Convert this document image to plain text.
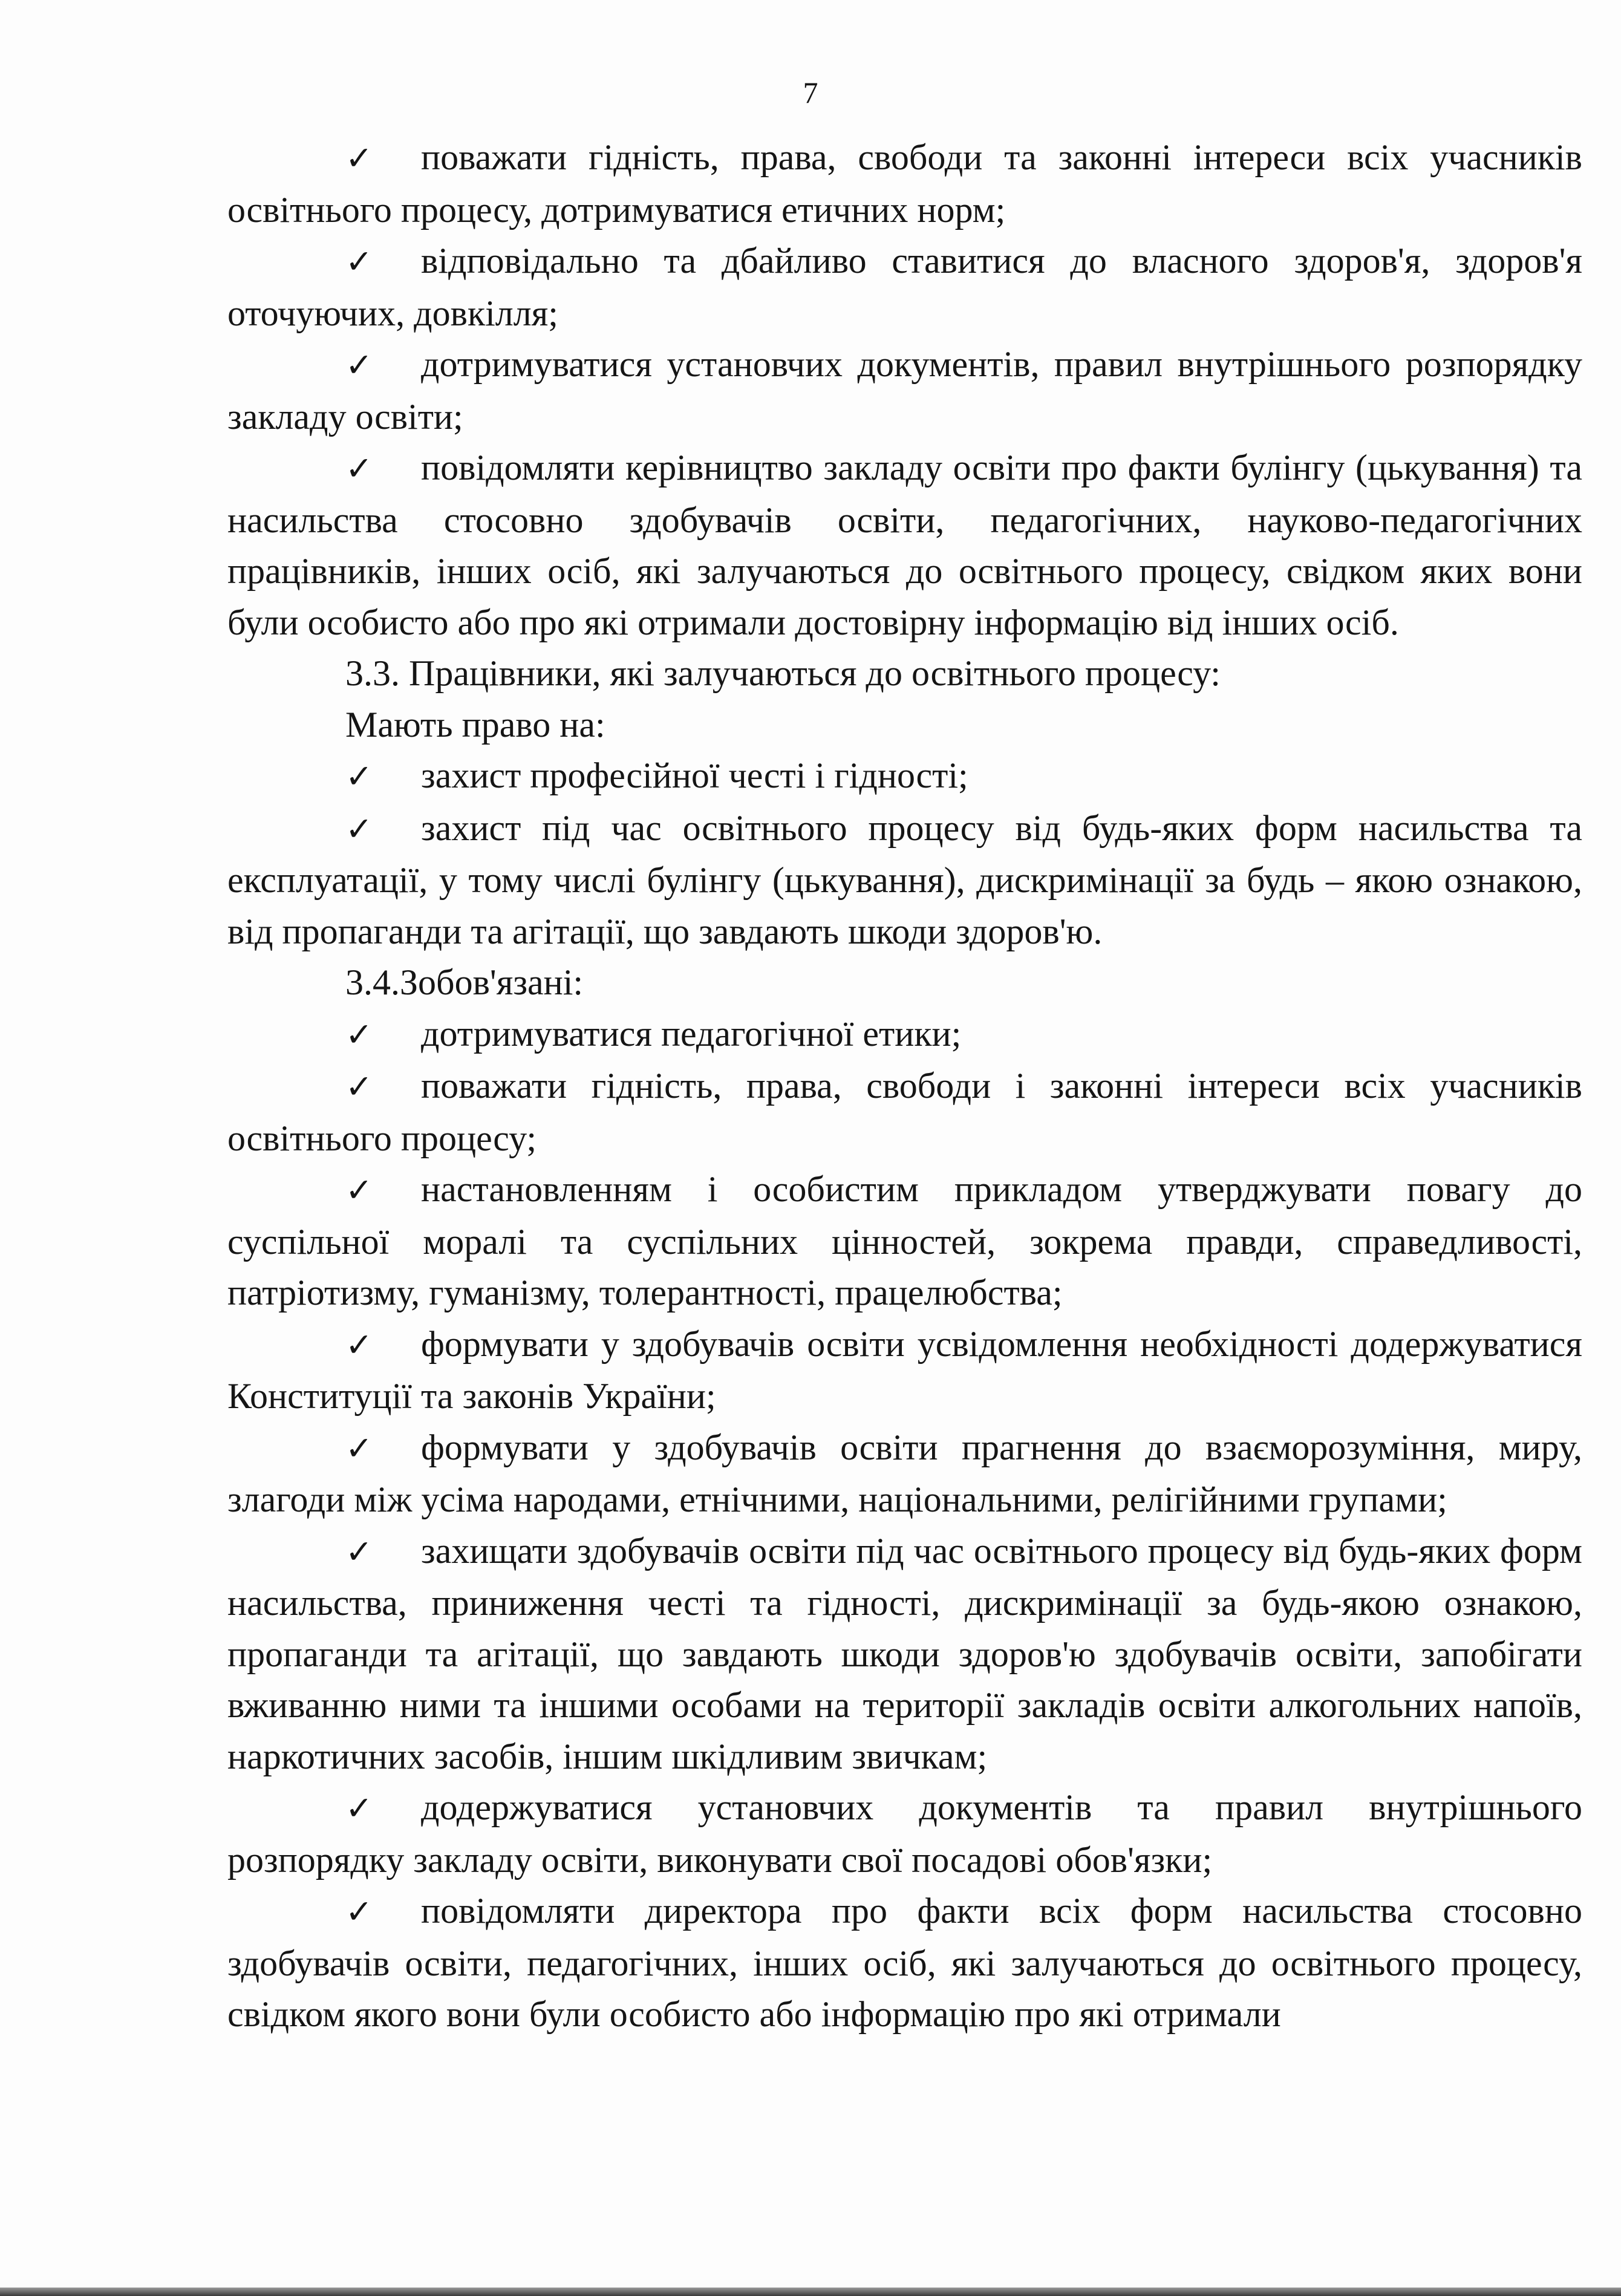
7

✓ поважати гідність, права, свободи та законні інтереси всіх учасників освітнього процесу, дотримуватися етичних норм;

✓ відповідально та дбайливо ставитися до власного здоров'я, здоров'я оточуючих, довкілля;

✓ дотримуватися установчих документів, правил внутрішнього розпорядку закладу освіти;

✓ повідомляти керівництво закладу освіти про факти булінгу (цькування) та насильства стосовно здобувачів освіти, педагогічних, науково-педагогічних працівників, інших осіб, які залучаються до освітнього процесу, свідком яких вони були особисто або про які отримали достовірну інформацію від інших осіб.

3.3. Працівники, які залучаються до освітнього процесу:

Мають право на:

✓ захист професійної честі і гідності;

✓ захист під час освітнього процесу від будь-яких форм насильства та експлуатації, у тому числі булінгу (цькування), дискримінації за будь – якою ознакою, від пропаганди та агітації, що завдають шкоди здоров'ю.

3.4.Зобов'язані:

✓ дотримуватися педагогічної етики;

✓ поважати гідність, права, свободи і законні інтереси всіх учасників освітнього процесу;

✓ настановленням і особистим прикладом утверджувати повагу до суспільної моралі та суспільних цінностей, зокрема правди, справедливості, патріотизму, гуманізму, толерантності, працелюбства;

✓ формувати у здобувачів освіти усвідомлення необхідності додержуватися Конституції та законів України;

✓ формувати у здобувачів освіти прагнення до взаєморозуміння, миру, злагоди між усіма народами, етнічними, національними, релігійними групами;

✓ захищати здобувачів освіти під час освітнього процесу від будь-яких форм насильства, приниження честі та гідності, дискримінації за будь-якою ознакою, пропаганди та агітації, що завдають шкоди здоров'ю здобувачів освіти, запобігати вживанню ними та іншими особами на території закладів освіти алкогольних напоїв, наркотичних засобів, іншим шкідливим звичкам;

✓ додержуватися установчих документів та правил внутрішнього розпорядку закладу освіти, виконувати свої посадові обов'язки;

✓ повідомляти директора про факти всіх форм насильства стосовно здобувачів освіти, педагогічних, інших осіб, які залучаються до освітнього процесу, свідком якого вони були особисто або інформацію про які отримали
